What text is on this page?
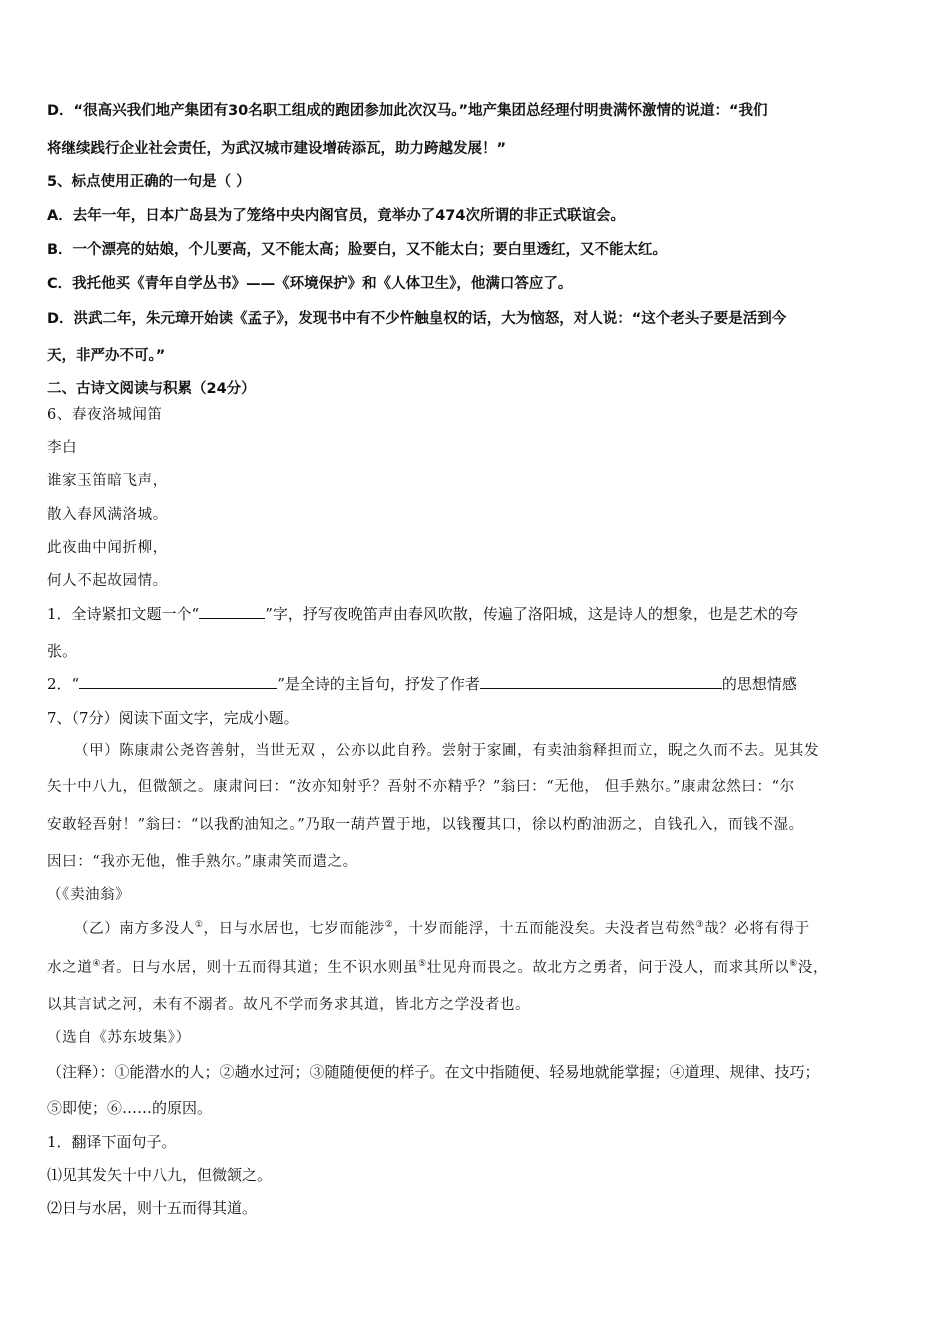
D．“很高兴我们地产集团有30名职工组成的跑团参加此次汉马。”地产集团总经理付明贵满怀激情的说道：“我们
将继续践行企业社会责任，为武汉城市建设增砖添瓦，助力跨越发展！”
5、标点使用正确的一句是（ ）
A．去年一年，日本广岛县为了笼络中央内阁官员，竟举办了474次所谓的非正式联谊会。
B．一个漂亮的姑娘，个儿要高，又不能太高；脸要白，又不能太白；要白里透红，又不能太红。
C．我托他买《青年自学丛书》——《环境保护》和《人体卫生》，他满口答应了。
D．洪武二年，朱元璋开始读《孟子》，发现书中有不少忤触皇权的话，大为恼怒，对人说：“这个老头子要是活到今
天，非严办不可。”
二、古诗文阅读与积累（24分）
6、春夜洛城闻笛
李白
谁家玉笛暗飞声，
散入春风满洛城。
此夜曲中闻折柳，
何人不起故园情。
1．全诗紧扣文题一个“	”字，抒写夜晚笛声由春风吹散，传遍了洛阳城，这是诗人的想象，也是艺术的夸
张。
2．“	”是全诗的主旨句，抒发了作者	的思想情感
7、（7分）阅读下面文字，完成小题。
（甲）陈康肃公尧咨善射，当世无双 ，公亦以此自矜。尝射于家圃，有卖油翁释担而立，睨之久而不去。见其发
矢十中八九，但微颔之。康肃问曰：“汝亦知射乎？吾射不亦精乎？”翁曰：“无他， 但手熟尔。”康肃忿然曰：“尔
安敢轻吾射！”翁曰：“以我酌油知之。”乃取一葫芦置于地，以钱覆其口，徐以杓酌油沥之，自钱孔入，而钱不湿。
因曰：“我亦无他，惟手熟尔。”康肃笑而遣之。
（《卖油翁》
（乙）南方多没人①，日与水居也，七岁而能涉②，十岁而能浮，十五而能没矣。夫没者岂苟然③哉？必将有得于
水之道④者。日与水居，则十五而得其道；生不识水则虽⑤壮见舟而畏之。故北方之勇者，问于没人，而求其所以⑥没，
以其言试之河，未有不溺者。故凡不学而务求其道，皆北方之学没者也。
（选自《苏东坡集》）
（注释）：①能潜水的人；②趟水过河；③随随便便的样子。在文中指随便、轻易地就能掌握；④道理、规律、技巧；
⑤即使；⑥……的原因。
1．翻译下面句子。
⑴见其发矢十中八九，但微颔之。
⑵日与水居，则十五而得其道。
